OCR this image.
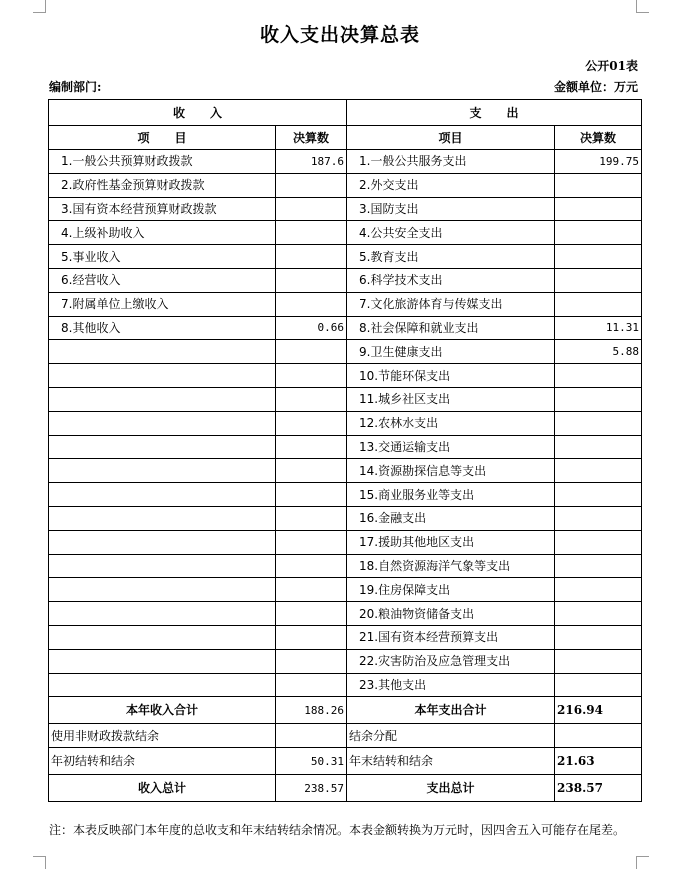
收入支出决算总表
公开01表
编制部门:	金额单位：万元
收      入		支      出	
项      目	决算数	项目	决算数
1.一般公共预算财政拨款	187.6	1.一般公共服务支出	199.75
2.政府性基金预算财政拨款		2.外交支出	
3.国有资本经营预算财政拨款		3.国防支出	
4.上级补助收入		4.公共安全支出	
5.事业收入		5.教育支出	
6.经营收入		6.科学技术支出	
7.附属单位上缴收入		7.文化旅游体育与传媒支出	
8.其他收入	0.66	8.社会保障和就业支出	11.31
		9.卫生健康支出	5.88
		10.节能环保支出	
		11.城乡社区支出	
		12.农林水支出	
		13.交通运输支出	
		14.资源勘探信息等支出	
		15.商业服务业等支出	
		16.金融支出	
		17.援助其他地区支出	
		18.自然资源海洋气象等支出	
		19.住房保障支出	
		20.粮油物资储备支出	
		21.国有资本经营预算支出	
		22.灾害防治及应急管理支出	
		23.其他支出	
本年收入合计	188.26	本年支出合计	216.94
使用非财政拨款结余		结余分配	
年初结转和结余	50.31	年末结转和结余	21.63
收入总计	238.57	支出总计	238.57
注：本表反映部门本年度的总收支和年末结转结余情况。本表金额转换为万元时，因四舍五入可能存在尾差。
